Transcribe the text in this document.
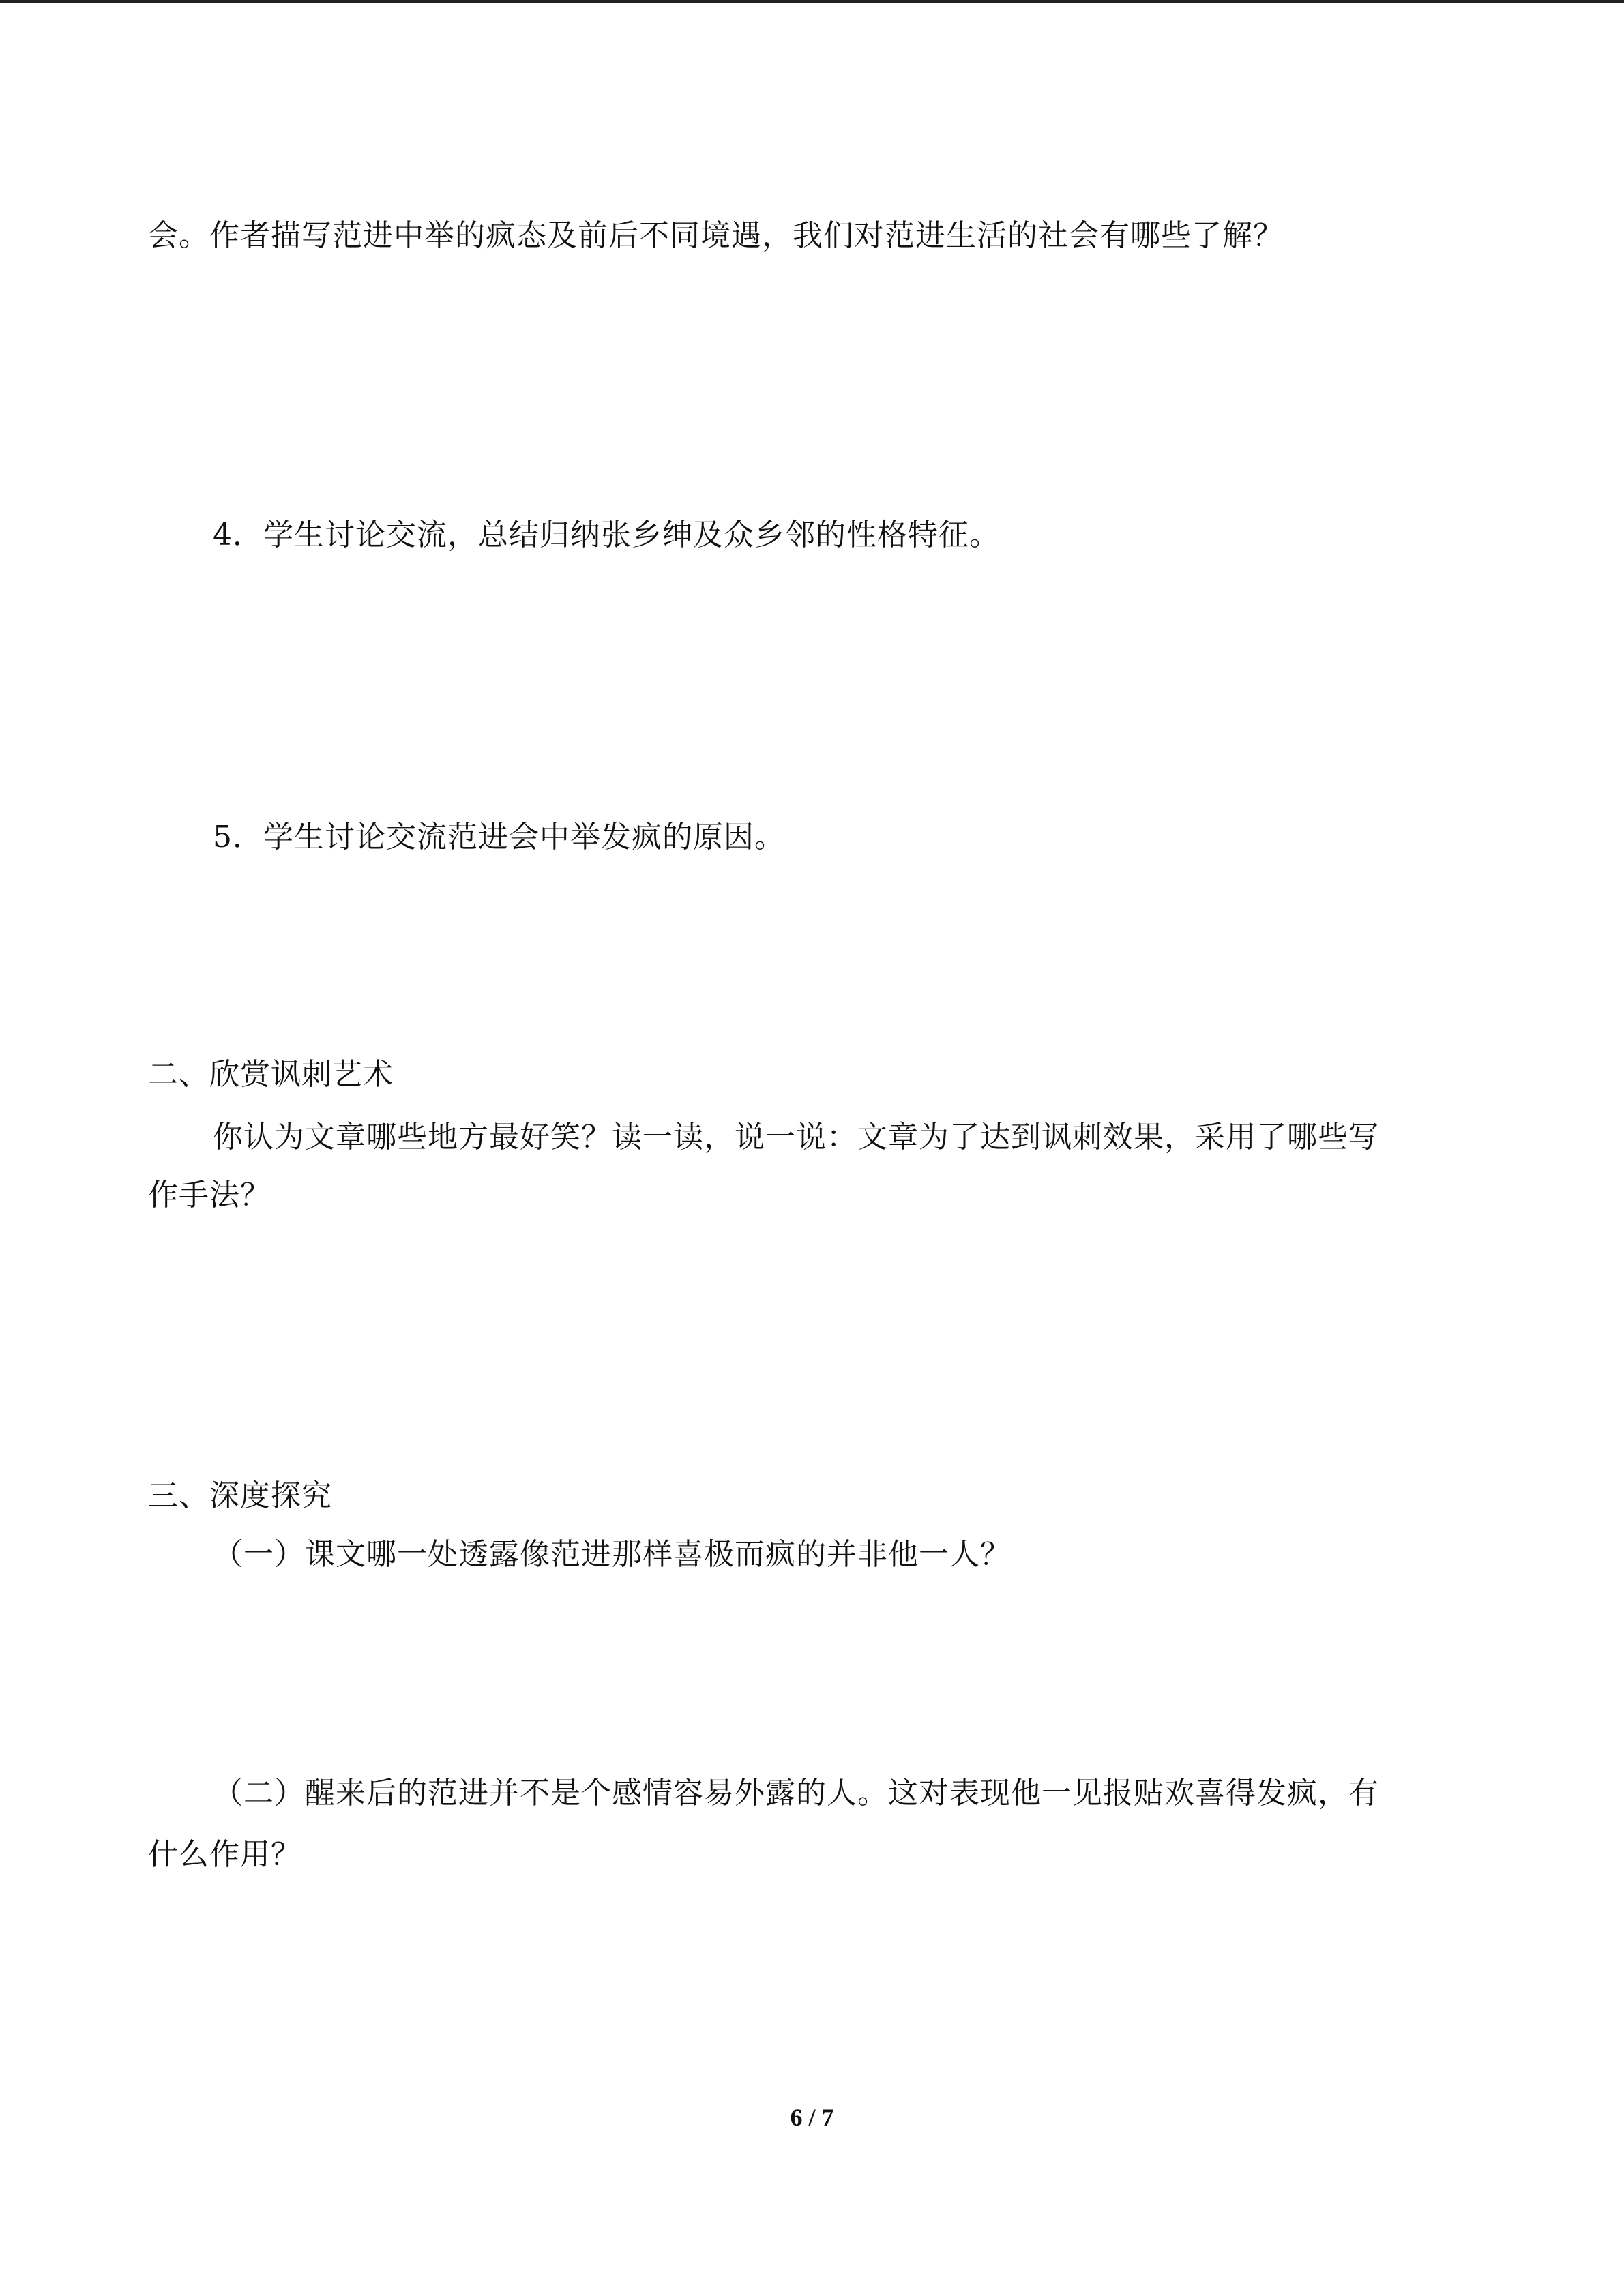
会。作者描写范进中举的疯态及前后不同境遇，我们对范进生活的社会有哪些了解？
4．学生讨论交流，总结归纳张乡绅及众乡邻的性格特征。
5．学生讨论交流范进会中举发疯的原因。
二、欣赏讽刺艺术
你认为文章哪些地方最好笑？读一读，说一说：文章为了达到讽刺效果，采用了哪些写
作手法？
三、深度探究
（一）课文哪一处透露像范进那样喜极而疯的并非他一人？
（二）醒来后的范进并不是个感情容易外露的人。这对表现他一见报贴欢喜得发疯，有
什么作用？
6 / 7
